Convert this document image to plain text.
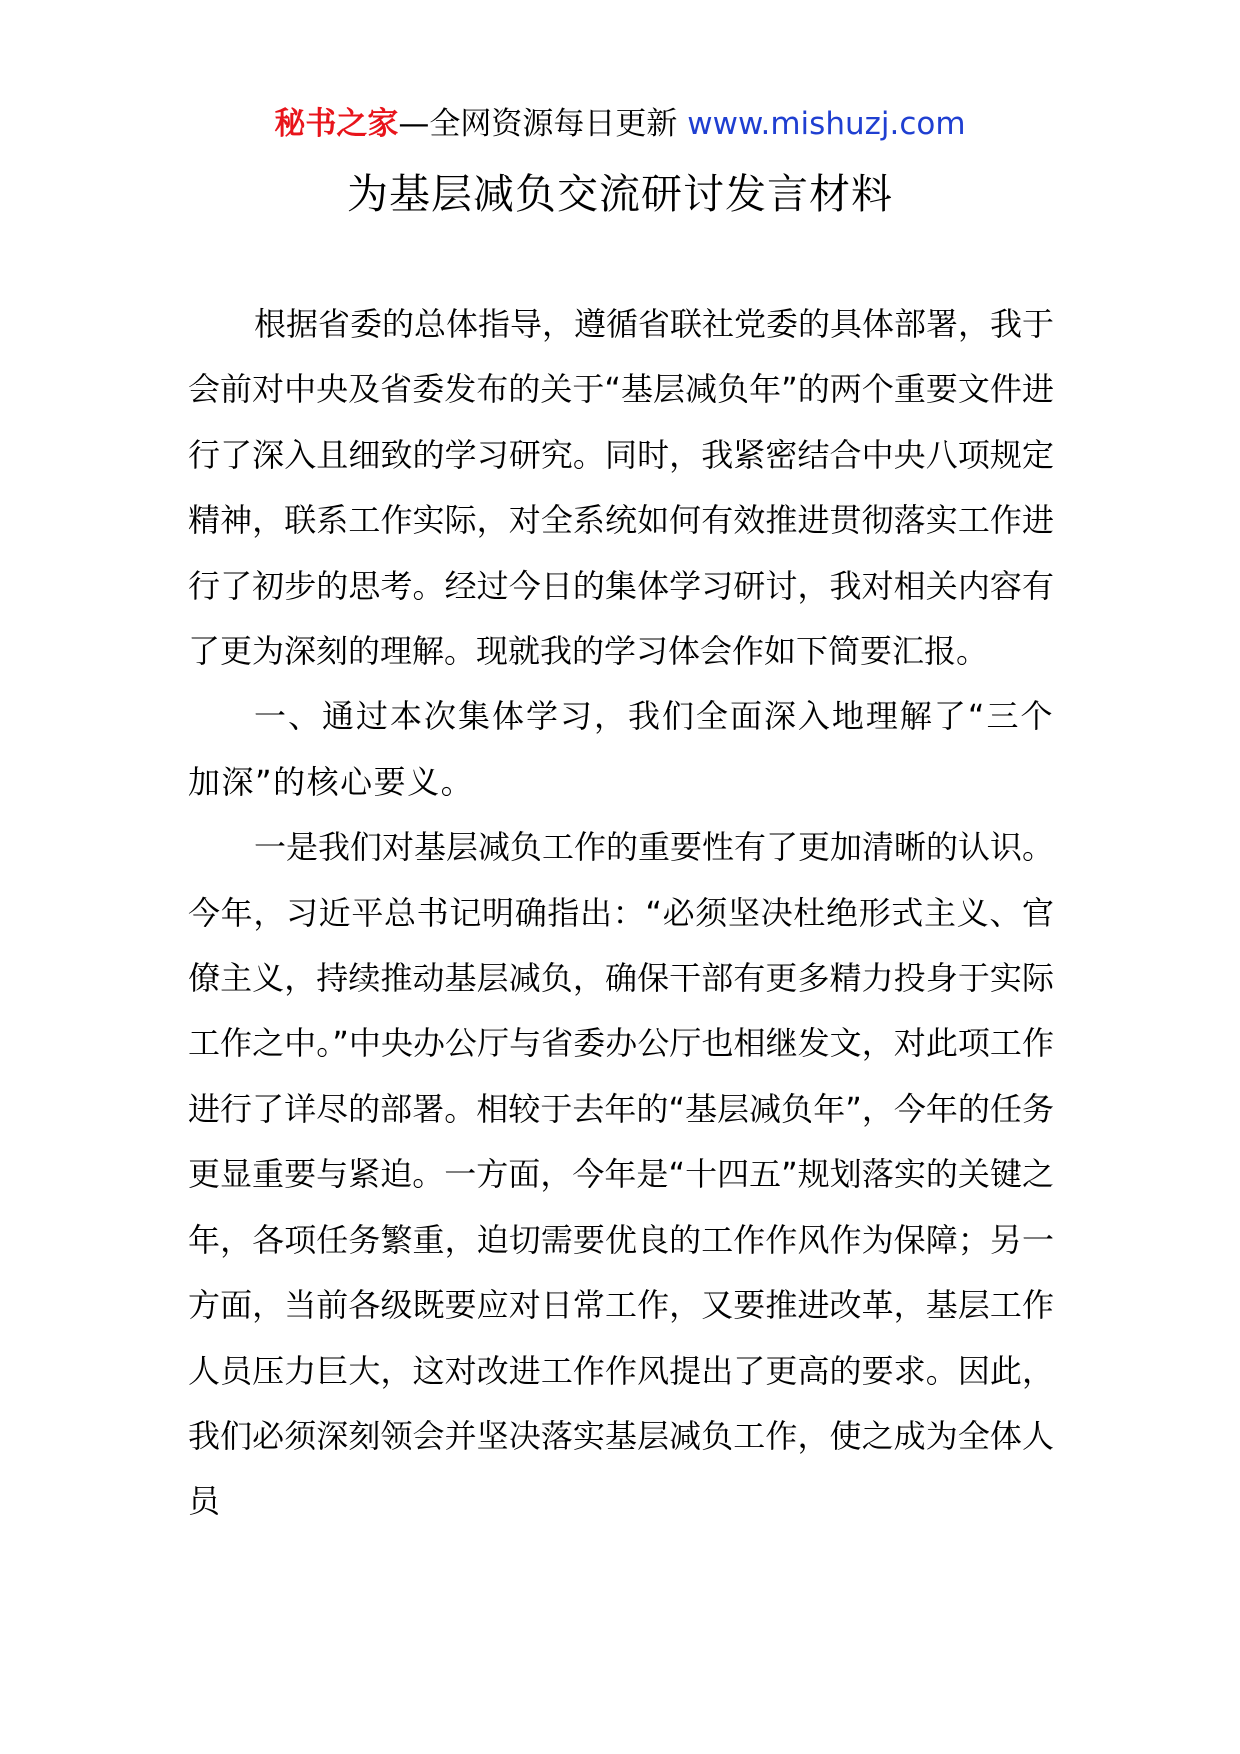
秘书之家—全网资源每日更新 www.mishuzj.com
为基层减负交流研讨发言材料

根据省委的总体指导，遵循省联社党委的具体部署，我于会前对中央及省委发布的关于“基层减负年”的两个重要文件进行了深入且细致的学习研究。同时，我紧密结合中央八项规定精神，联系工作实际，对全系统如何有效推进贯彻落实工作进行了初步的思考。经过今日的集体学习研讨，我对相关内容有了更为深刻的理解。现就我的学习体会作如下简要汇报。

一、通过本次集体学习，我们全面深入地理解了“三个加深”的核心要义。

一是我们对基层减负工作的重要性有了更加清晰的认识。今年，习近平总书记明确指出：“必须坚决杜绝形式主义、官僚主义，持续推动基层减负，确保干部有更多精力投身于实际工作之中。”中央办公厅与省委办公厅也相继发文，对此项工作进行了详尽的部署。相较于去年的“基层减负年”，今年的任务更显重要与紧迫。一方面，今年是“十四五”规划落实的关键之年，各项任务繁重，迫切需要优良的工作作风作为保障；另一方面，当前各级既要应对日常工作，又要推进改革，基层工作人员压力巨大，这对改进工作作风提出了更高的要求。因此，我们必须深刻领会并坚决落实基层减负工作，使之成为全体人员
